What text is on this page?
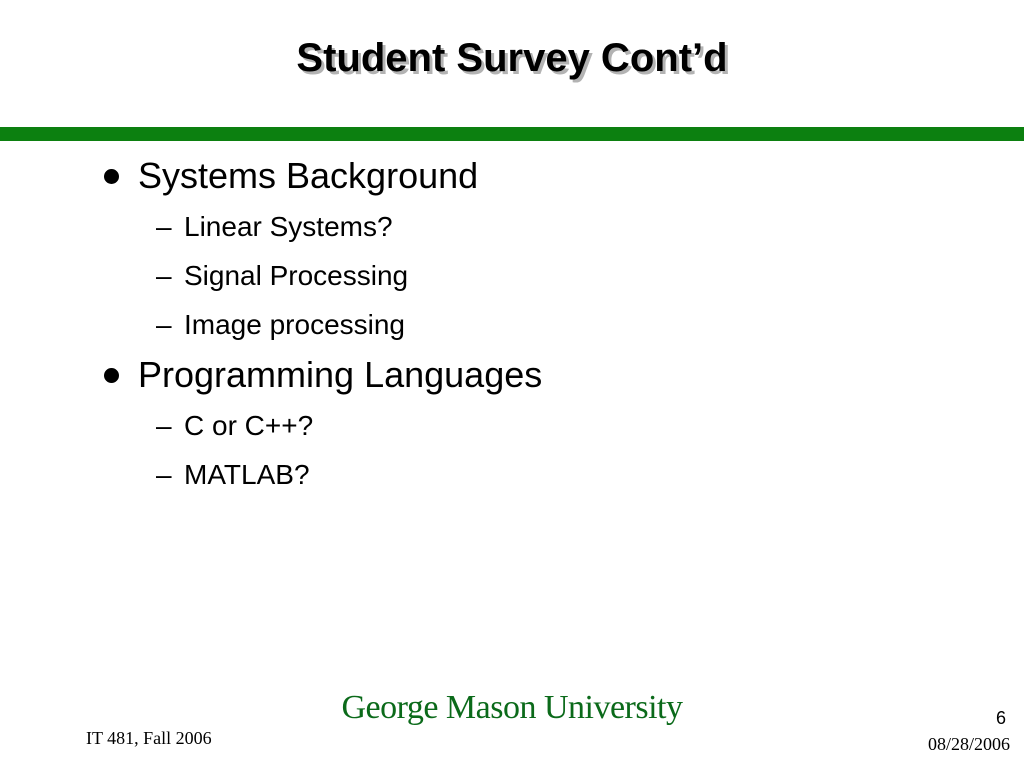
Student Survey Cont’d
Systems Background
– Linear Systems?
– Signal Processing
– Image processing
Programming Languages
– C or C++?
– MATLAB?
George Mason University
IT 481, Fall 2006
6
08/28/2006
